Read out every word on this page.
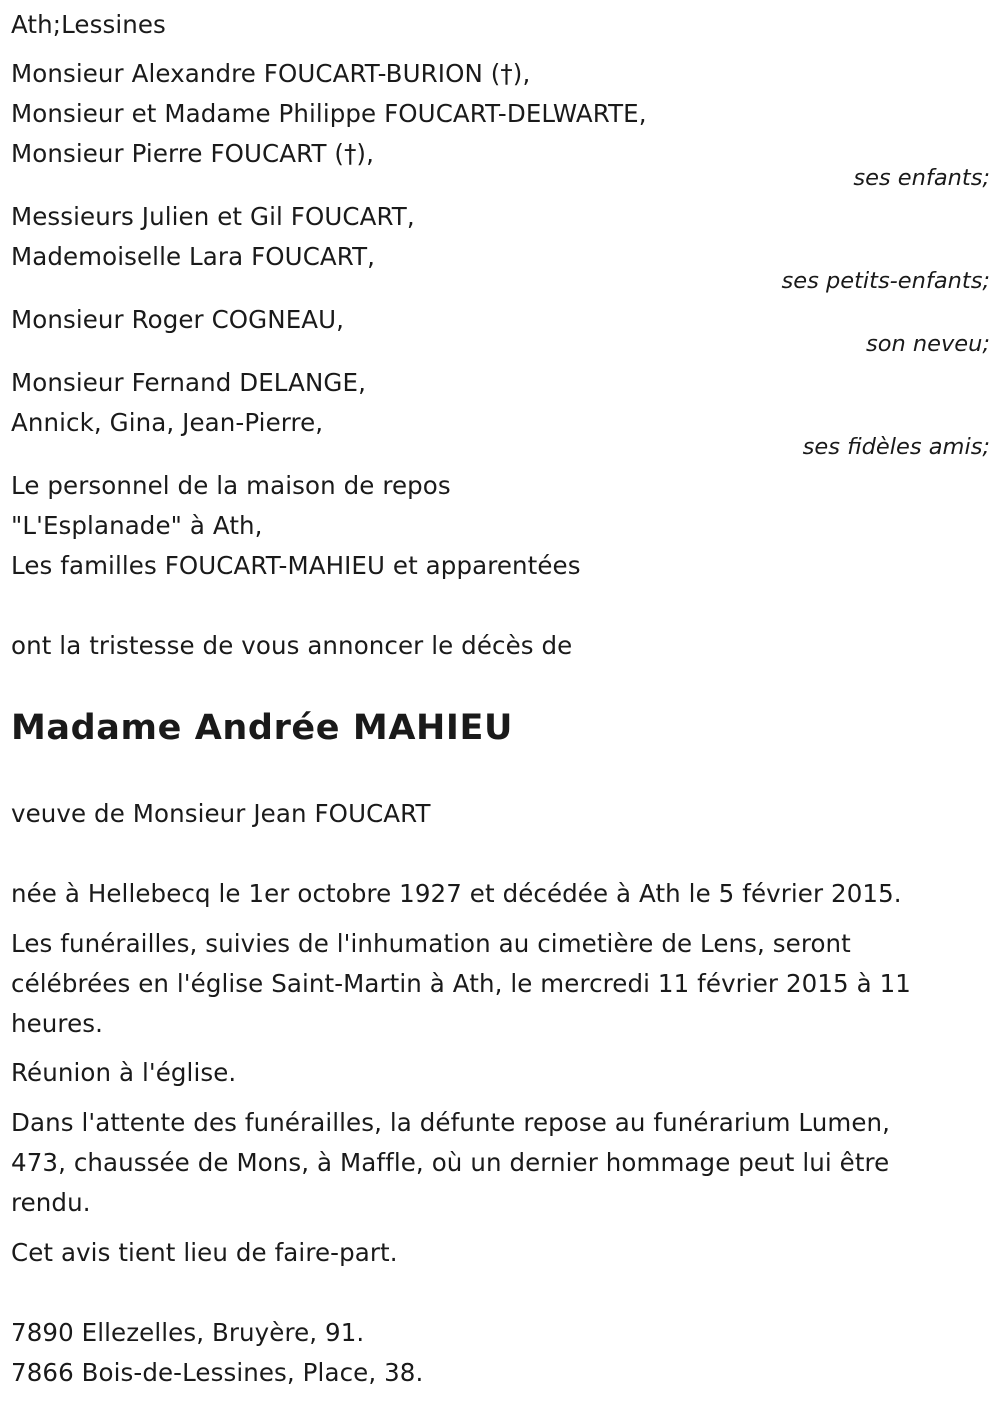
Ath;Lessines
Monsieur Alexandre FOUCART-BURION (†),
Monsieur et Madame Philippe FOUCART-DELWARTE,
Monsieur Pierre FOUCART (†),
ses enfants;
Messieurs Julien et Gil FOUCART,
Mademoiselle Lara FOUCART,
ses petits-enfants;
Monsieur Roger COGNEAU,
son neveu;
Monsieur Fernand DELANGE,
Annick, Gina, Jean-Pierre,
ses fidèles amis;
Le personnel de la maison de repos
"L'Esplanade" à Ath,
Les familles FOUCART-MAHIEU et apparentées
ont la tristesse de vous annoncer le décès de
Madame Andrée MAHIEU
veuve de Monsieur Jean FOUCART
née à Hellebecq le 1er octobre 1927 et décédée à Ath le 5 février 2015.
Les funérailles, suivies de l'inhumation au cimetière de Lens, seront
célébrées en l'église Saint-Martin à Ath, le mercredi 11 février 2015 à 11
heures.
Réunion à l'église.
Dans l'attente des funérailles, la défunte repose au funérarium Lumen,
473, chaussée de Mons, à Maffle, où un dernier hommage peut lui être
rendu.
Cet avis tient lieu de faire-part.
7890 Ellezelles, Bruyère, 91.
7866 Bois-de-Lessines, Place, 38.
